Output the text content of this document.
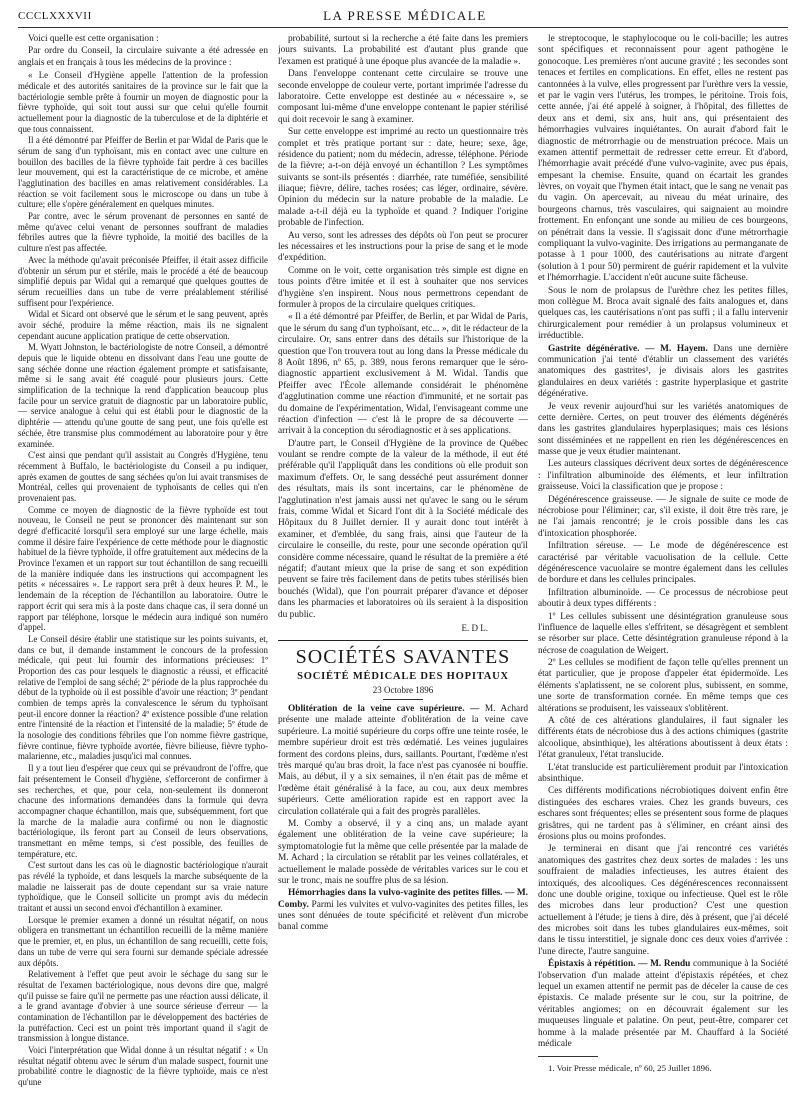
CCCLXXXVII	LA PRESSE MÉDICALE

Voici quelle est cette organisation :

Par ordre du Conseil, la circulaire suivante a été adressée en anglais et en français à tous les médecins de la province :

« Le Conseil d'Hygiène appelle l'attention de la profession médicale et des autorités sanitaires de la province sur le fait que la bactériologie semble prête à fournir un moyen de diagnostic pour la fièvre typhoïde, qui soit tout aussi sur que celui qu'elle fournit actuellement pour la diagnostic de la tuberculose et de la diphtérie et que tous connaissent.

Il a été démontré par Pfeiffer de Berlin et par Widal de Paris que le sérum de sang d'un typhoïsant, mis en contact avec une culture en bouillon des bacilles de la fièvre typhoïde fait perdre à ces bacilles leur mouvement, qui est la caractéristique de ce microbe, et amène l'agglutination des bacilles en amas relativement considérables. La réaction se voit facilement sous le microscope ou dans un tube à culture; elle s'opère généralement en quelques minutes.

Par contre, avec le sérum provenant de personnes en santé de même qu'avec celui venant de personnes souffrant de maladies fébriles autres que la fièvre typhoïde, la moitié des bacilles de la culture n'est pas affectée.

Avec la méthode qu'avait préconisée Pfeiffer, il était assez difficile d'obtenir un sérum pur et stérile, mais le procédé a été de beaucoup simplifié depuis par Widal qui a remarqué que quelques gouttes de sérum recueillies dans un tube de verre préalablement stérilisé suffisent pour l'expérience.

Widal et Sicard ont observé que le sérum et le sang peuvent, après avoir séché, produire la même réaction, mais ils ne signalent cependant aucune application pratique de cette observation.

M. Wyatt Johnston, le bactériologiste de notre Conseil, a démontré depuis que le liquide obtenu en dissolvant dans l'eau une goutte de sang séchée donne une réaction également prompte et satisfaisante, même si le sang avait été coagulé pour plusieurs jours. Cette simplification de la technique la rend d'application beaucoup plus facile pour un service gratuit de diagnostic par un laboratoire public, — service analogue à celui qui est établi pour le diagnostic de la diphtérie — attendu qu'une goutte de sang peut, une fois qu'elle est séchée, être transmise plus commodément au laboratoire pour y être examinée.

C'est ainsi que pendant qu'il assistait au Congrès d'Hygiène, tenu récemment à Buffalo, le bactériologiste du Conseil a pu indiquer, après examen de gouttes de sang séchées qu'on lui avait transmises de Montréal, celles qui provenaient de typhoïsants de celles qui n'en provenaient pas.

Comme ce moyen de diagnostic de la fièvre typhoïde est tout nouveau, le Conseil ne peut se prononcer dès maintenant sur son degré d'efficacité lorsqu'il sera employé sur une large échelle, mais comme il désire faire l'expérience de cette méthode pour le diagnostic habituel de la fièvre typhoïde, il offre gratuitement aux médecins de la Province l'examen et un rapport sur tout échantillon de sang recueilli de la manière indiquée dans les instructions qui accompagnent les petits « nécessaires ». Le rapport sera prêt à deux heures P. M., le lendemain de la réception de l'échantillon au laboratoire. Outre le rapport écrit qui sera mis à la poste dans chaque cas, il sera donné un rapport par téléphone, lorsque le médecin aura indiqué son numéro d'appel.

Le Conseil désire établir une statistique sur les points suivants, et, dans ce but, il demande instamment le concours de la profession médicale, qui peut lui fournir des informations précieuses: 1º Proportion des cas pour lesquels le diagnostic a réussi, et efficacité relative de l'emploi de sang séché; 2º période de la plus rapprochée du début de la typhoïde où il est possible d'avoir une réaction; 3º pendant combien de temps après la convalescence le sérum du typhoïsant peut-il encore donner la réaction? 4º existence possible d'une relation entre l'intensité de la réaction et l'intensité de la maladie; 5º étude de la nosologie des conditions fébriles que l'on nomme fièvre gastrique, fièvre continue, fièvre typhoïde avortée, fièvre bilieuse, fièvre typho-malarienne, etc., maladies jusqu'ici mal connues.

Il y a tout lieu d'espérer que ceux qui se prévaudront de l'offre, que fait présentement le Conseil d'hygiène, s'efforceront de confirmer à ses recherches, et que, pour cela, non-seulement ils donneront chacune des informations demandées dans la formule qui devra accompagner chaque échantillon, mais que, subséquemment, fort que la marche de la maladie aura confirmé ou non le diagnostic bactériologique, ils feront part au Conseil de leurs observations, transmettant en même temps, si c'est possible, des feuilles de température, etc.

C'est surtout dans les cas où le diagnostic bactériologique n'aurait pas révélé la typhoïde, et dans lesquels la marche subséquente de la maladie ne laisserait pas de doute cependant sur sa vraie nature typhoïdique, que le Conseil sollicite un prompt avis du médecin traitant et aussi un second envoi d'échantillon à examiner.

Lorsque le premier examen a donné un résultat négatif, on nous obligera en transmettant un échantillon recueilli de la même manière que le premier, et, en plus, un échantillon de sang recueilli, cette fois, dans un tube de verre qui sera fourni sur demande spéciale adressée aux dépôts.

Relativement à l'effet que peut avoir le séchage du sang sur le résultat de l'examen bactériologique, nous devons dire que, malgré qu'il puisse se faire qu'il ne permette pas une réaction aussi délicate, il a le grand avantage d'obvier à une source sérieuse d'erreur — la contamination de l'échantillon par le développement des bactéries de la putréfaction. Ceci est un point très important quand il s'agit de transmission à longue distance.

Voici l'interprétation que Widal donne à un résultat négatif : « Un résultat négatif obtenu avec le sérum d'un malade suspect, fournit une probabilité contre le diagnostic de la fièvre typhoïde, mais ce n'est qu'une

probabilité, surtout si la recherche a été faite dans les premiers jours suivants. La probabilité est d'autant plus grande que l'examen est pratiqué à une époque plus avancée de la maladie ».

Dans l'enveloppe contenant cette circulaire se trouve une seconde enveloppe de couleur verte, portant imprimée l'adresse du laboratoire. Cette enveloppe est destinée au « nécessaire », se composant lui-même d'une enveloppe contenant le papier stérilisé qui doit recevoir le sang à examiner.

Sur cette enveloppe est imprimé au recto un questionnaire très complet et très pratique portant sur : date, heure; sexe, âge, résidence du patient; nom du médecin, adresse, téléphone. Période de la fièvre; a-t-on déjà envoyé un échantillon ? Les symptômes suivants se sont-ils présentés : diarrhée, rate tuméfiée, sensibilité iliaque; fièvre, délire, taches rosées; cas léger, ordinaire, sévère. Opinion du médecin sur la nature probable de la maladie. Le malade a-t-il déjà eu la typhoïde et quand ? Indiquer l'origine probable de l'infection.

Au verso, sont les adresses des dépôts où l'on peut se procurer les nécessaires et les instructions pour la prise de sang et le mode d'expédition.

Comme on le voit, cette organisation très simple est digne en tous points d'être imitée et il est à souhaiter que nos services d'hygiène s'en inspirent. Nous nous permettrons cependant de formuler à propos de la circulaire quelques critiques.

« Il a été démontré par Pfeiffer, de Berlin, et par Widal de Paris, que le sérum du sang d'un typhoïsant, etc... », dit le rédacteur de la circulaire. Or, sans entrer dans des détails sur l'historique de la question que l'on trouvera tout au long dans la Presse médicale du 8 Août 1896, nº 65, p. 389, nous ferons remarquer que le séro-diagnostic appartient exclusivement à M. Widal. Tandis que Pfeiffer avec l'École allemande considérait le phénomène d'agglutination comme une réaction d'immunité, et ne sortait pas du domaine de l'expérimentation, Widal, l'envisageant comme une réaction d'infection — c'est là le propre de sa découverte — arrivait à la conception du sérodiagnostic et à ses applications.

D'autre part, le Conseil d'Hygiène de la province de Québec voulant se rendre compte de la valeur de la méthode, il eut été préférable qu'il l'appliquât dans les conditions où elle produit son maximum d'effets. Or, le sang desséché peut assurément donner des résultats, mais ils sont incertains, car le phénomène de l'agglutination n'est jamais aussi net qu'avec le sang ou le sérum frais, comme Widal et Sicard l'ont dit à la Société médicale des Hôpitaux du 8 Juillet dernier. Il y aurait donc tout intérêt à examiner, et d'emblée, du sang frais, ainsi que l'auteur de la circulaire le conseille, du reste, pour une seconde opération qu'il considère comme nécessaire, quand le résultat de la première a été négatif; d'autant mieux que la prise de sang et son expédition peuvent se faire très facilement dans de petits tubes stérilisés bien bouchés (Widal), que l'on pourrait préparer d'avance et déposer dans les pharmacies et laboratoires où ils seraient à la disposition du public.

E. D L.
SOCIÉTÉS SAVANTES
SOCIÉTÉ MÉDICALE DES HOPITAUX
23 Octobre 1896

Oblitération de la veine cave supérieure. — M. Achard présente une malade atteinte d'oblitération de la veine cave supérieure. La moitié supérieure du corps offre une teinte rosée, le membre supérieur droit est très œdématié. Les veines jugulaires forment des cordons pleins, durs, saillants. Pourtant, l'œdème n'est très marqué qu'au bras droit, la face n'est pas cyanosée ni bouffie. Mais, au début, il y a six semaines, il n'en était pas de même et l'œdème était généralisé à la face, au cou, aux deux membres supérieurs. Cette amélioration rapide est en rapport avec la circulation collatérale qui a fait des progrès parallèles.

M. Comby a observé, il y a cinq ans, un malade ayant également une oblitération de la veine cave supérieure; la symptomatologie fut la même que celle présentée par la malade de M. Achard ; la circulation se rétablit par les veines collatérales, et actuellement le malade possède de véritables varices sur le cou et sur le tronc, mais ne souffre plus de sa lésion.

Hémorrhagies dans la vulvo-vaginite des petites filles. — M. Comby. Parmi les vulvites et vulvo-vaginites des petites filles, les unes sont dénuées de toute spécificité et relèvent d'un microbe banal comme

le streptocoque, le staphylocoque ou le coli-bacille; les autres sont spécifiques et reconnaissent pour agent pathogène le gonocoque. Les premières n'ont aucune gravité ; les secondes sont tenaces et fertiles en complications. En effet, elles ne restent pas cantonnées à la vulve, elles progressent par l'urèthre vers la vessie, et par le vagin vers l'utérus, les trompes, le péritoine. Trois fois, cette année, j'ai été appelé à soigner, à l'hôpital, des fillettes de deux ans et demi, six ans, huit ans, qui présentaient des hémorrhagies vulvaires inquiétantes. On aurait d'abord fait le diagnostic de métrorrhagie ou de menstruation précoce. Mais un examen attentif permettait de redresser cette erreur. Et d'abord, l'hémorrhagie avait précédé d'une vulvo-vaginite, avec pus épais, empesant la chemise. Ensuite, quand on écartait les grandes lèvres, on voyait que l'hymen était intact, que le sang ne venait pas du vagin. On apercevait, au niveau du méat urinaire, des bourgeons charnus, très vasculaires, qui saignaient au moindre frottement. En enfonçant une sonde au milieu de ces bourgeons, on pénétrait dans la vessie. Il s'agissait donc d'une métrorrhagie compliquant la vulvo-vaginite. Des irrigations au permanganate de potasse à 1 pour 1000, des cautérisations au nitrate d'argent (solution à 1 pour 50) permirent de guérir rapidement et la vulvite et l'hémorrhagie. L'accident n'eût aucune suite fâcheuse.

Sous le nom de prolapsus de l'urèthre chez les petites filles, mon collègue M. Broca avait signalé des faits analogues et, dans quelques cas, les cautérisations n'ont pas suffi ; il a fallu intervenir chirurgicalement pour remédier à un prolapsus volumineux et irréductible.

Gastrite dégénérative. — M. Hayem. Dans une dernière communication j'ai tenté d'établir un classement des variétés anatomiques des gastrites¹, je divisais alors les gastrites glandulaires en deux variétés : gastrite hyperplasique et gastrite dégénérative.

Je veux revenir aujourd'hui sur les variétés anatomiques de cette dernière. Certes, on peut trouver des éléments dégénérés dans les gastrites glandulaires hyperplasiques; mais ces lésions sont disséminées et ne rappellent en rien les dégénérescences en masse que je veux étudier maintenant.

Les auteurs classiques décrivent deux sortes de dégénérescence : l'infiltration albuminoïde des éléments, et leur infiltration graisseuse. Voici la classification que je propose :

Dégénérescence graisseuse. — Je signale de suite ce mode de nécrobiose pour l'éliminer; car, s'il existe, il doit être très rare, je ne l'ai jamais rencontré; je le crois possible dans les cas d'intoxication phosphorée.

Infiltration séreuse. — Le mode de dégénérescence est caractérisé par véritable vacuolisation de la cellule. Cette dégénérescence vacuolaire se montre également dans les cellules de bordure et dans les cellules principales.

Infiltration albuminoïde. — Ce processus de nécrobiose peut aboutir à deux types différents :

1º Les cellules subissent une désintégration granuleuse sous l'influence de laquelle elles s'effritent, se désagrègent et semblent se résorber sur place. Cette désintégration granuleuse répond à la nécrose de coagulation de Weigert.

2º Les cellules se modifient de façon telle qu'elles prennent un état particulier, que je propose d'appeler état épidermoïde. Les éléments s'aplatissent, ne se colorent plus, subissent, en somme, une sorte de transformation cornée. En même temps que ces altérations se produisent, les vaisseaux s'oblitèrent.

A côté de ces altérations glandulaires, il faut signaler les différents états de nécrobiose dus à des actions chimiques (gastrite alcoolique, absinthique), les altérations aboutissent à deux états : l'état granuleux, l'état translucide.

L'état translucide est particulièrement produit par l'intoxication absinthique.

Ces différents modifications nécrobiotiques doivent enfin être distinguées des eschares vraies. Chez les grands buveurs, ces eschares sont fréquentes; elles se présentent sous forme de plaques grisâtres, qui ne tardent pas à s'éliminer, en créant ainsi des érosions plus ou moins profondes.

Je terminerai en disant que j'ai rencontré ces variétés anatomiques des gastrites chez deux sortes de malades : les uns souffraient de maladies infectieuses, les autres étaient des intoxiqués, des alcooliques. Ces dégénérescences reconnaissent donc une double origine, toxique ou infectieuse. Quel est le rôle des microbes dans leur production? C'est une question actuellement à l'étude; je tiens à dire, dès à présent, que j'ai décelé des microbes soit dans les tubes glandulaires eux-mêmes, soit dans le tissu interstitiel, je signale donc ces deux voies d'arrivée : l'une directe, l'autre sanguine.

Épistaxis à répétition. — M. Rendu communique à la Société l'observation d'un malade atteint d'épistaxis répétées, et chez lequel un examen attentif ne permit pas de déceler la cause de ces épistaxis. Ce malade présente sur le cou, sur la poitrine, de véritables angiomes; on en découvrait également sur les muqueuses linguale et palatine. On peut, peut-être, comparer cet homme à la malade présentée par M. Chauffard à la Société médicale

1. Voir Presse médicale, nº 60, 25 Juillet 1896.
